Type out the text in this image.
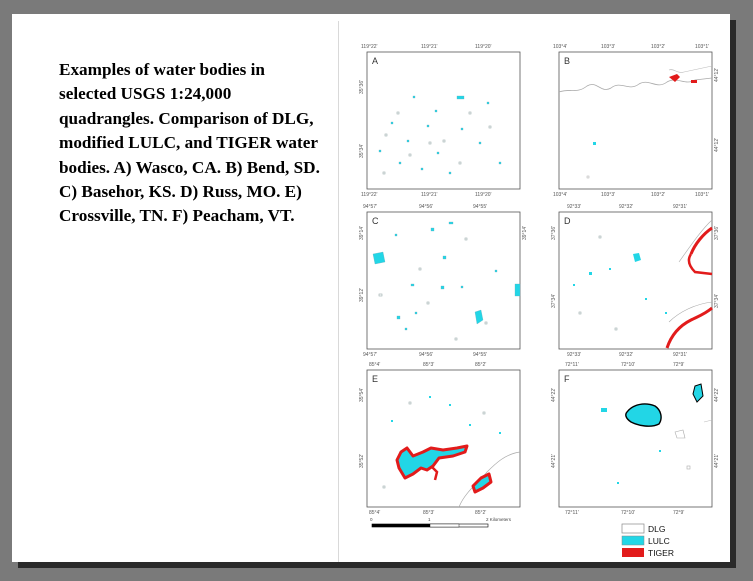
Examples of water bodies in selected USGS 1:24,000 quadrangles. Comparison of DLG, modified LULC, and TIGER water bodies. A) Wasco, CA. B) Bend, SD. C) Basehor, KS. D) Russ, MO. E) Crossville, TN. F) Peacham, VT.
A	B
C	D
E	F
119°22'	119°21'	119°20'
119°22'	119°21'	119°20'
35°36'
35°34'
103°4'	103°3'	103°2'	103°1'
103°4'	103°3'	103°2'	103°1'
44°12'
44°12'
94°57'	94°56'	94°55'
94°57'	94°56'	94°55'
39°14'
39°12'
39°14'
92°33'	92°32'	92°31'
92°33'	92°32'	92°31'
37°36'
37°34'
37°36'
37°34'
85°4'	85°3'	85°2'
85°4'	85°3'	85°2'
35°54'
35°52'
72°11'	72°10'	72°9'
72°11'	72°10'	72°9'
44°22'
44°21'
44°22'
44°21'
0	1	2 Kilometers
DLG
LULC
TIGER
